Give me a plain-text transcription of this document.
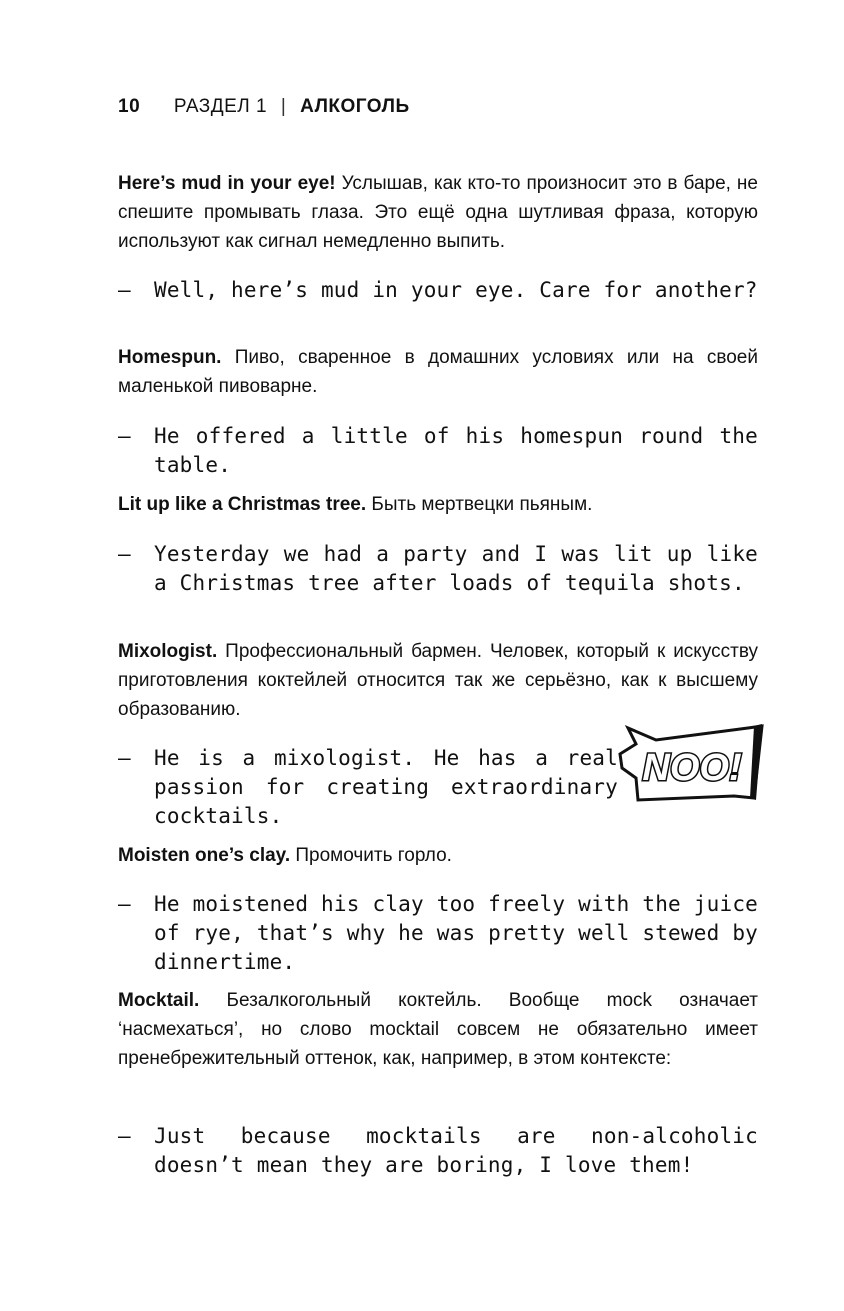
10 РАЗДЕЛ 1 | АЛКОГОЛЬ

Here’s mud in your eye! Услышав, как кто-то произносит это в баре, не спешите промывать глаза. Это ещё одна шутливая фраза, которую используют как сигнал немедленно выпить.

— Well, here’s mud in your eye. Care for another?

Homespun. Пиво, сваренное в домашних условиях или на своей маленькой пивоварне.

— He offered a little of his homespun round the table.

Lit up like a Christmas tree. Быть мертвецки пьяным.

— Yesterday we had a party and I was lit up like a Christmas tree after loads of tequila shots.

Mixologist. Профессиональный бармен. Человек, который к искусству приготовления коктейлей относится так же серьёзно, как к высшему образованию.

— He is a mixologist. He has a real passion for creating extraordinary cocktails.

NOO!

Moisten one’s clay. Промочить горло.

— He moistened his clay too freely with the juice of rye, that’s why he was pretty well stewed by dinnertime.

Mocktail. Безалкогольный коктейль. Вообще mock означает ‘насмехаться’, но слово mocktail совсем не обязательно имеет пренебрежительный оттенок, как, например, в этом контексте:

— Just because mocktails are non-alcoholic doesn’t mean they are boring, I love them!
